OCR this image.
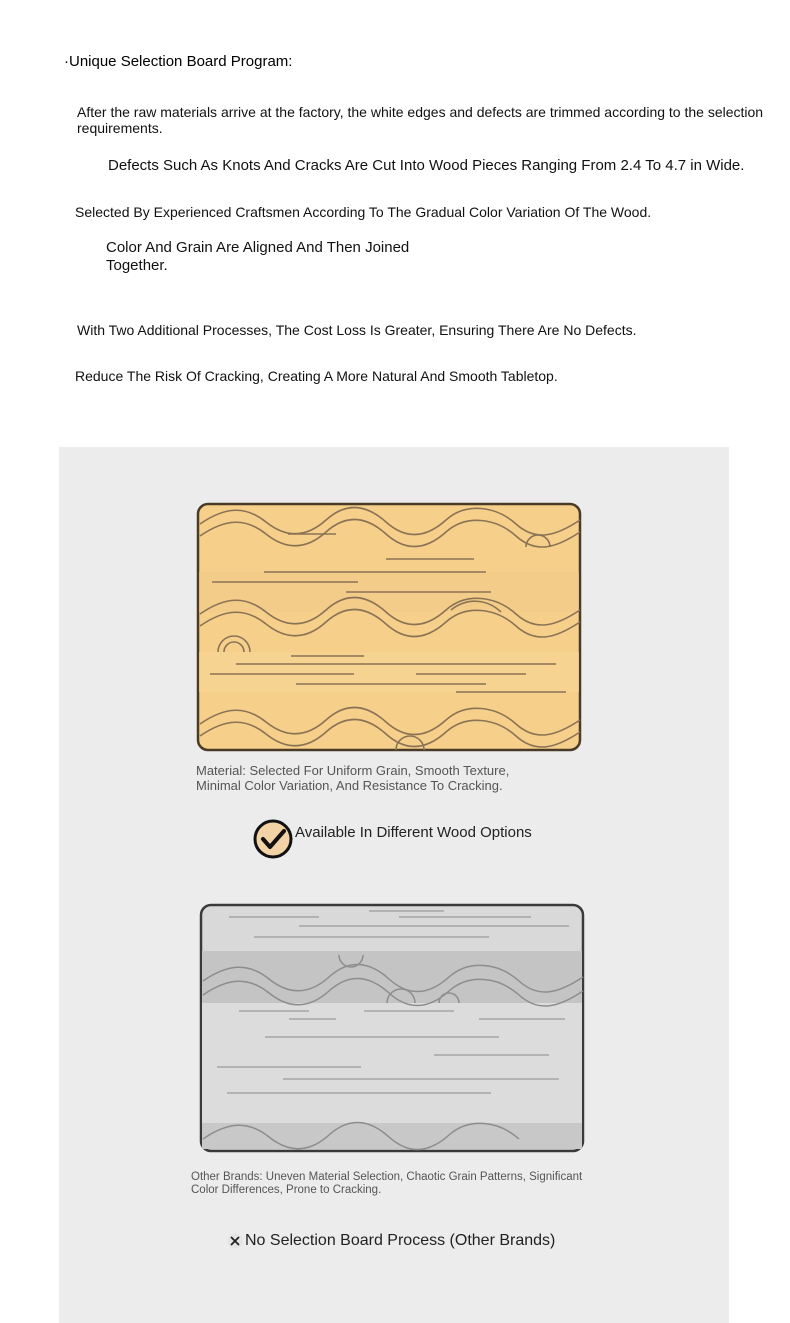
·Unique Selection Board Program:
After the raw materials arrive at the factory, the white edges and defects are trimmed according to the selection requirements.
Defects Such As Knots And Cracks Are Cut Into Wood Pieces Ranging From 2.4 To 4.7 in Wide.
Selected By Experienced Craftsmen According To The Gradual Color Variation Of The Wood.
Color And Grain Are Aligned And Then Joined Together.
With Two Additional Processes, The Cost Loss Is Greater, Ensuring There Are No Defects.
Reduce The Risk Of Cracking, Creating A More Natural And Smooth Tabletop.
Material: Selected For Uniform Grain, Smooth Texture, Minimal Color Variation, And Resistance To Cracking.
Available In Different Wood Options
Other Brands: Uneven Material Selection, Chaotic Grain Patterns, Significant Color Differences, Prone to Cracking.
No Selection Board Process (Other Brands)
